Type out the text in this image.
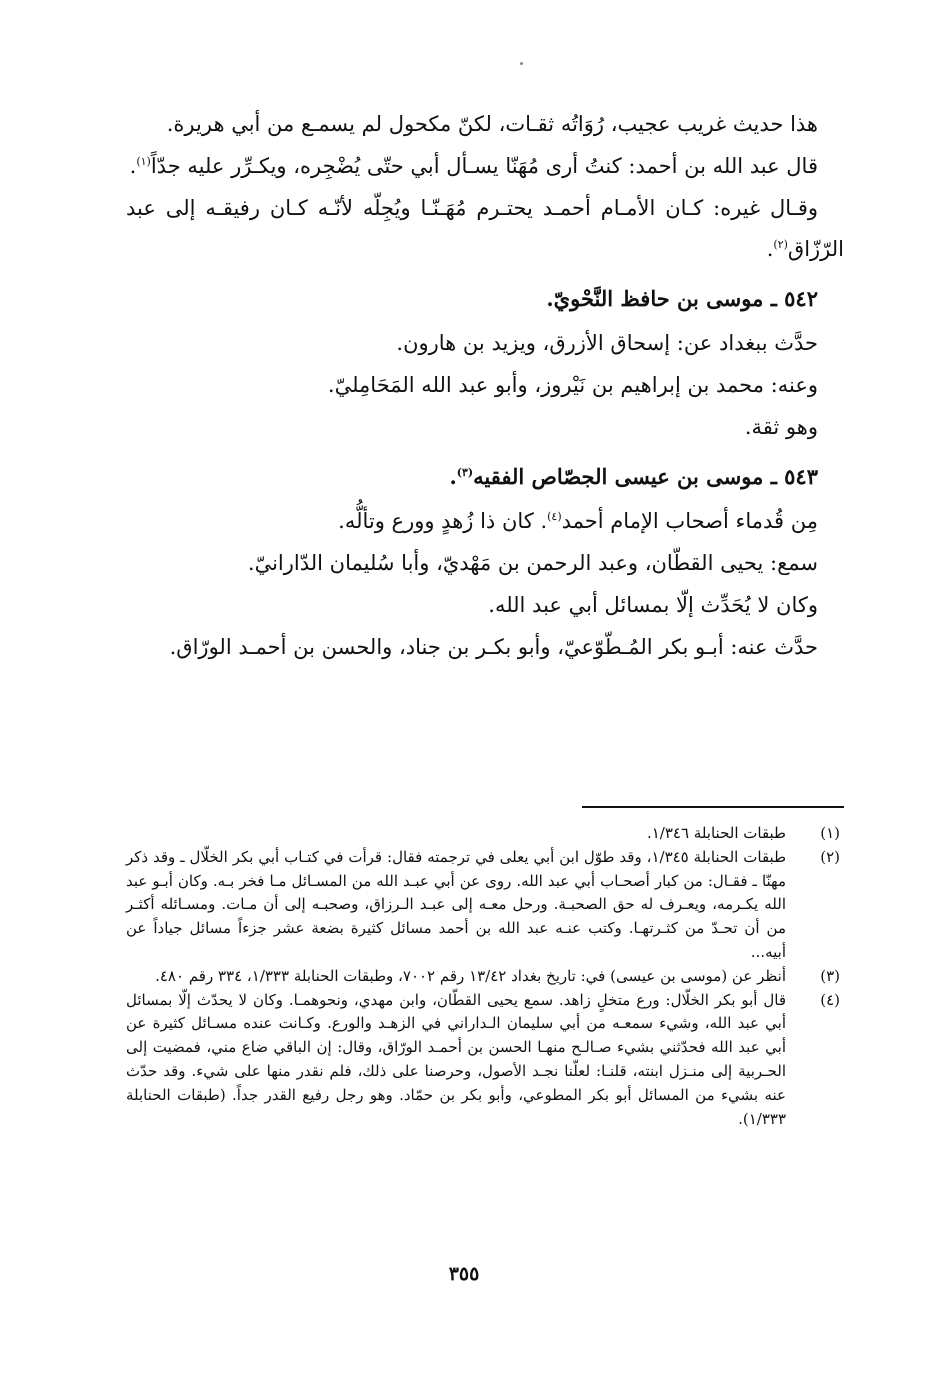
هذا حديث غريب عجيب، رُوَاتُه ثقـات، لكنّ مكحول لم يسمـع من أبي هريرة.

قال عبد الله بن أحمد: كنتُ أرى مُهَنّا يسـأل أبي حتّى يُضْجِره، ويكـرِّر عليه جدّاً$^{(١)}$.

وقـال غيره: كـان الأمـام أحمـد يحتـرم مُهَـنّـا ويُجِلّه لأنّـه كـان رفيقـه إلى عبد الرّزّاق$^{(٢)}$.

٥٤٢ ـ موسى بن حافظ النَّحْويّ.

حدَّث ببغداد عن: إسحاق الأزرق، ويزيد بن هارون.

وعنه: محمد بن إبراهيم بن نَيْروز، وأبو عبد الله المَحَامِليّ.

وهو ثقة.

٥٤٣ ـ موسى بن عيسى الجصّاص الفقيه$^{(٣)}$.

مِن قُدماء أصحاب الإمام أحمد$^{(٤)}$. كان ذا زُهدٍ وورع وتألُّه.

سمع: يحيى القطّان، وعبد الرحمن بن مَهْديّ، وأبا سُليمان الدّارانيّ.

وكان لا يُحَدِّث إلّا بمسائل أبي عبد الله.

حدَّث عنه: أبـو بكر المُـطّوّعيّ، وأبو بكـر بن جناد، والحسن بن أحمـد الورّاق.

(١)
طبقات الحنابلة ١/٣٤٦.
(٢)
طبقات الحنابلة ١/٣٤٥، وقد طوّل ابن أبي يعلى في ترجمته فقال: قرأت في كتـاب أبي بكر الخلّال ـ وقد ذكر مهنّا ـ فقـال: من كبار أصحـاب أبي عبد الله. روى عن أبي عبـد الله من المسـائل مـا فخر بـه. وكان أبـو عبد الله يكـرمه، ويعـرف له حق الصحبـة. ورحل معـه إلى عبـد الـرزاق، وصحبـه إلى أن مـات. ومسـائله أكثـر من أن تحـدّ من كثـرتهـا. وكتب عنـه عبد الله بن أحمد مسائل كثيرة بضعة عشر جزءاً مسائل جياداً عن أبيه...
(٣)
أنظر عن (موسى بن عيسى) في: تاريخ بغداد ١٣/٤٢ رقم ٧٠٠٢، وطبقات الحنابلة ١/٣٣٣، ٣٣٤ رقم ٤٨٠.
(٤)
قال أبو بكر الخلّال: ورع متخلٍ زاهد. سمع يحيى القطّان، وابن مهدي، ونحوهمـا. وكان لا يحدّث إلّا بمسائل أبي عبد الله، وشيء سمعـه من أبي سليمان الـداراني في الزهـد والورع. وكـانت عنده مسـائل كثيرة عن أبي عبد الله فحدّثني بشيء صـالـح منهـا الحسن بن أحمـد الورّاق، وقال: إن الباقي ضاع مني، فمضيت إلى الحـربية إلى منـزل ابنته، قلنـا: لعلّنا نجـد الأصول، وحرصنا على ذلك، فلم نقدر منها على شيء. وقد حدّث عنه بشيء من المسائل أبو بكر المطوعي، وأبو بكر بن حمّاد. وهو رجل رفيع القدر جداً. (طبقات الحنابلة ١/٣٣٣).
٣٥٥
